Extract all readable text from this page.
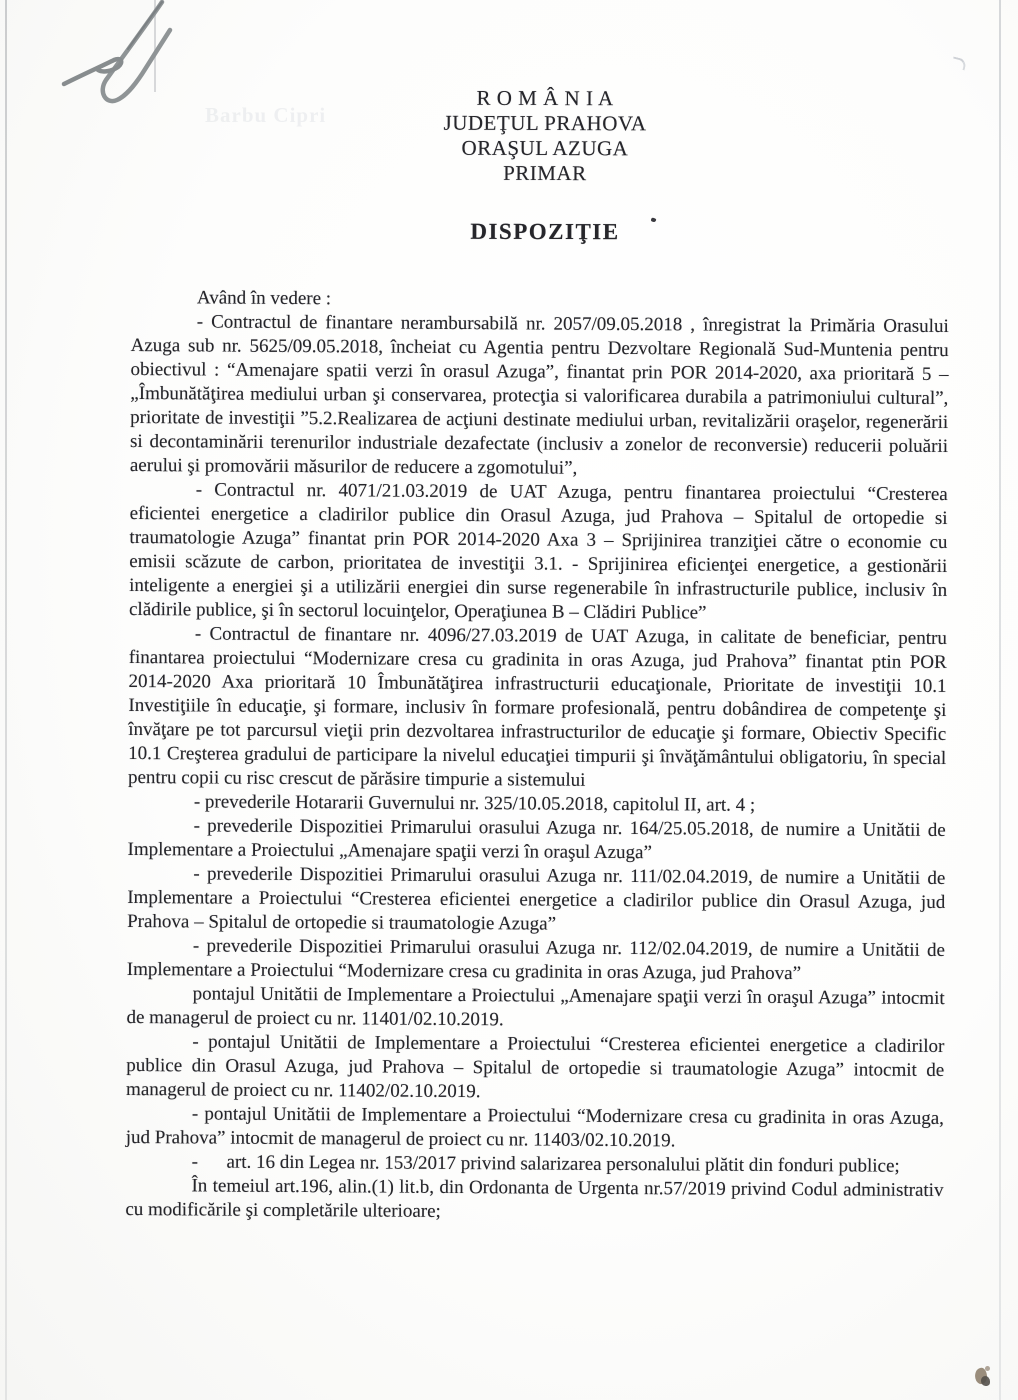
Barbu Cipri
R O M Â N I A
JUDEŢUL PRAHOVA
ORAŞUL AZUGA
PRIMAR
DISPOZIŢIE

Având în vedere :

- Contractul de finantare nerambursabilă nr. 2057/09.05.2018 , înregistrat la Primăria Orasului Azuga sub nr. 5625/09.05.2018, încheiat cu Agentia pentru Dezvoltare Regională Sud-Muntenia pentru obiectivul : “Amenajare spatii verzi în orasul Azuga”, finantat prin POR 2014-2020, axa prioritară 5 – „Îmbunătăţirea mediului urban şi conservarea, protecţia si valorificarea durabila a patrimoniului cultural”, prioritate de investiţii ”5.2.Realizarea de acţiuni destinate mediului urban, revitalizării oraşelor, regenerării si decontaminării terenurilor industriale dezafectate (inclusiv a zonelor de reconversie) reducerii poluării aerului şi promovării măsurilor de reducere a zgomotului”,

- Contractul nr. 4071/21.03.2019 de UAT Azuga, pentru finantarea proiectului “Cresterea eficientei energetice a cladirilor publice din Orasul Azuga, jud Prahova – Spitalul de ortopedie si traumatologie Azuga” finantat prin POR 2014-2020 Axa 3 – Sprijinirea tranziţiei către o economie cu emisii scăzute de carbon, prioritatea de investiţii 3.1. - Sprijinirea eficienţei energetice, a gestionării inteligente a energiei şi a utilizării energiei din surse regenerabile în infrastructurile publice, inclusiv în clădirile publice, şi în sectorul locuinţelor, Operaţiunea B – Clădiri Publice”

- Contractul de finantare nr. 4096/27.03.2019 de UAT Azuga, in calitate de beneficiar, pentru finantarea proiectului “Modernizare cresa cu gradinita in oras Azuga, jud Prahova” finantat ptin POR 2014-2020 Axa prioritară 10 Îmbunătăţirea infrastructurii educaţionale, Prioritate de investiţii 10.1 Investiţiile în educaţie, şi formare, inclusiv în formare profesională, pentru dobândirea de competenţe şi învăţare pe tot parcursul vieţii prin dezvoltarea infrastructurilor de educaţie şi formare, Obiectiv Specific 10.1 Creşterea gradului de participare la nivelul educaţiei timpurii şi învăţământului obligatoriu, în special pentru copii cu risc crescut de părăsire timpurie a sistemului

- prevederile Hotararii Guvernului nr. 325/10.05.2018, capitolul II, art. 4 ;

- prevederile Dispozitiei Primarului orasului Azuga nr. 164/25.05.2018, de numire a Unitătii de Implementare a Proiectului „Amenajare spaţii verzi în oraşul Azuga”

- prevederile Dispozitiei Primarului orasului Azuga nr. 111/02.04.2019, de numire a Unitătii de Implementare a Proiectului “Cresterea eficientei energetice a cladirilor publice din Orasul Azuga, jud Prahova – Spitalul de ortopedie si traumatologie Azuga”

- prevederile Dispozitiei Primarului orasului Azuga nr. 112/02.04.2019, de numire a Unitătii de Implementare a Proiectului “Modernizare cresa cu gradinita in oras Azuga, jud Prahova”

pontajul Unitătii de Implementare a Proiectului „Amenajare spaţii verzi în oraşul Azuga” intocmit de managerul de proiect cu nr. 11401/02.10.2019.

- pontajul Unitătii de Implementare a Proiectului “Cresterea eficientei energetice a cladirilor publice din Orasul Azuga, jud Prahova – Spitalul de ortopedie si traumatologie Azuga” intocmit de managerul de proiect cu nr. 11402/02.10.2019.

- pontajul Unitătii de Implementare a Proiectului “Modernizare cresa cu gradinita in oras Azuga, jud Prahova” intocmit de managerul de proiect cu nr. 11403/02.10.2019.

-      art. 16 din Legea nr. 153/2017 privind salarizarea personalului plătit din fonduri publice;

În temeiul art.196, alin.(1) lit.b, din Ordonanta de Urgenta nr.57/2019 privind Codul administrativ cu modificările şi completările ulterioare;
